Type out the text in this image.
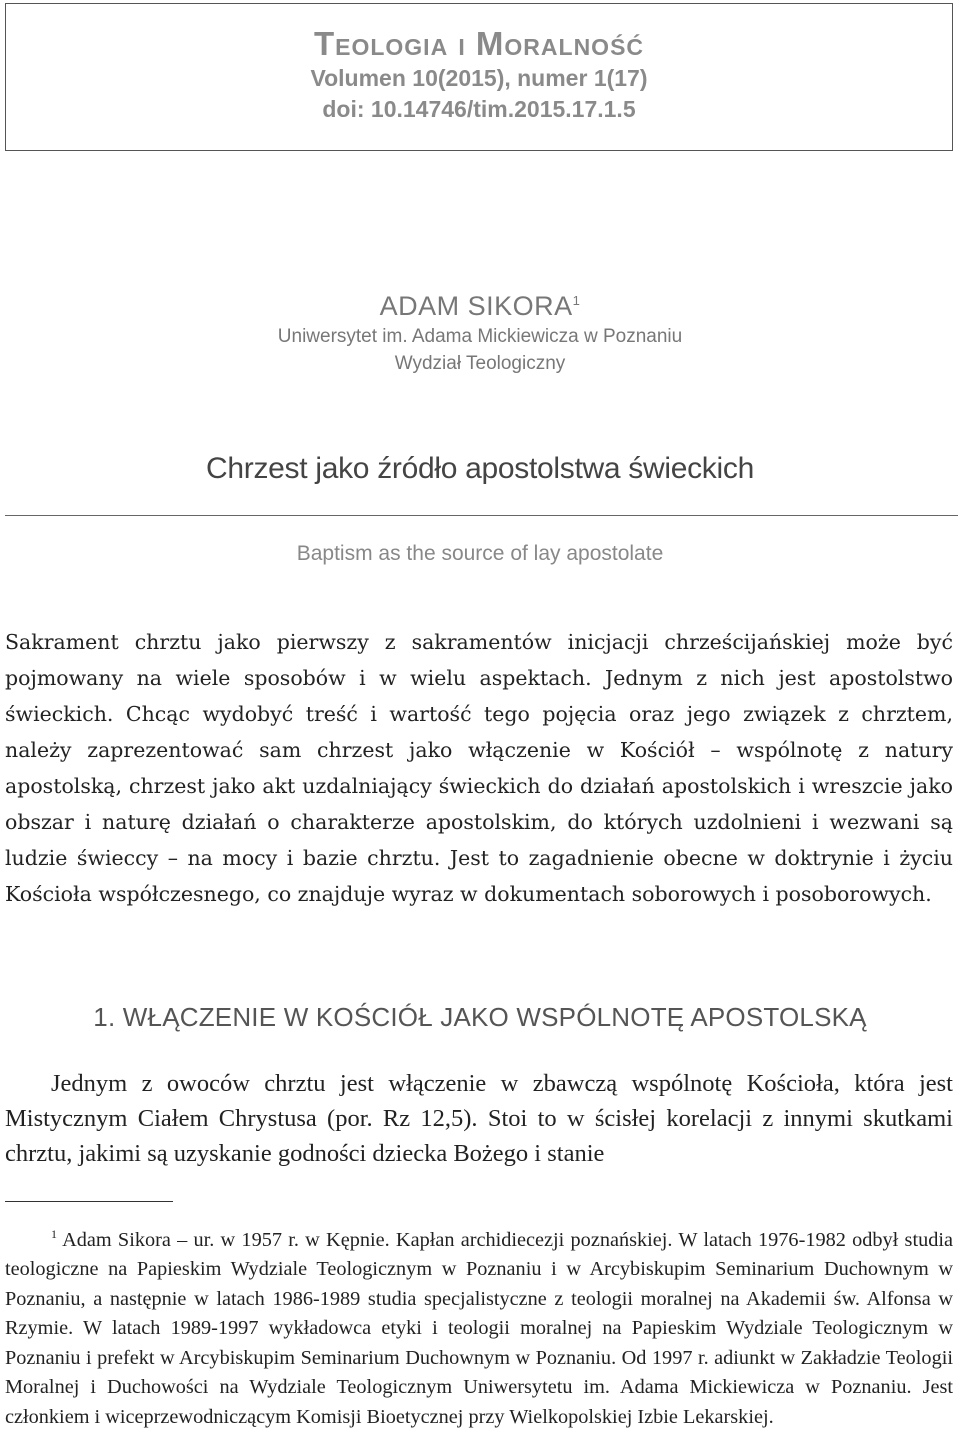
Teologia i Moralność
Volumen 10(2015), numer 1(17)
doi: 10.14746/tim.2015.17.1.5
ADAM SIKORA$^1$
Uniwersytet im. Adama Mickiewicza w Poznaniu
Wydział Teologiczny
Chrzest jako źródło apostolstwa świeckich
Baptism as the source of lay apostolate

Sakrament chrztu jako pierwszy z sakramentów inicjacji chrześcijańskiej może być pojmowany na wiele sposobów i w wielu aspektach. Jednym z nich jest apostolstwo świeckich. Chcąc wydobyć treść i wartość tego pojęcia oraz jego związek z chrztem, należy zaprezentować sam chrzest jako włączenie w Kościół – wspólnotę z natury apostolską, chrzest jako akt uzdalniający świeckich do działań apostolskich i wreszcie jako obszar i naturę działań o charakterze apostolskim, do których uzdolnieni i wezwani są ludzie świeccy – na mocy i bazie chrztu. Jest to zagadnienie obecne w doktrynie i życiu Kościoła współczesnego, co znajduje wyraz w dokumentach soborowych i posoborowych.

1. WŁĄCZENIE W KOŚCIÓŁ JAKO WSPÓLNOTĘ APOSTOLSKĄ

Jednym z owoców chrztu jest włączenie w zbawczą wspólnotę Kościoła, która jest Mistycznym Ciałem Chrystusa (por. Rz 12,5). Stoi to w ścisłej korelacji z innymi skutkami chrztu, jakimi są uzyskanie godności dziecka Bożego i stanie

$^1$ Adam Sikora – ur. w 1957 r. w Kępnie. Kapłan archidiecezji poznańskiej. W latach 1976-1982 odbył studia teologiczne na Papieskim Wydziale Teologicznym w Poznaniu i w Arcybiskupim Seminarium Duchownym w Poznaniu, a następnie w latach 1986-1989 studia specjalistyczne z teologii moralnej na Akademii św. Alfonsa w Rzymie. W latach 1989-1997 wykładowca etyki i teologii moralnej na Papieskim Wydziale Teologicznym w Poznaniu i prefekt w Arcybiskupim Seminarium Duchownym w Poznaniu. Od 1997 r. adiunkt w Zakładzie Teologii Moralnej i Duchowości na Wydziale Teologicznym Uniwersytetu im. Adama Mickiewicza w Poznaniu. Jest członkiem i wiceprzewodniczącym Komisji Bioetycznej przy Wielkopolskiej Izbie Lekarskiej.
